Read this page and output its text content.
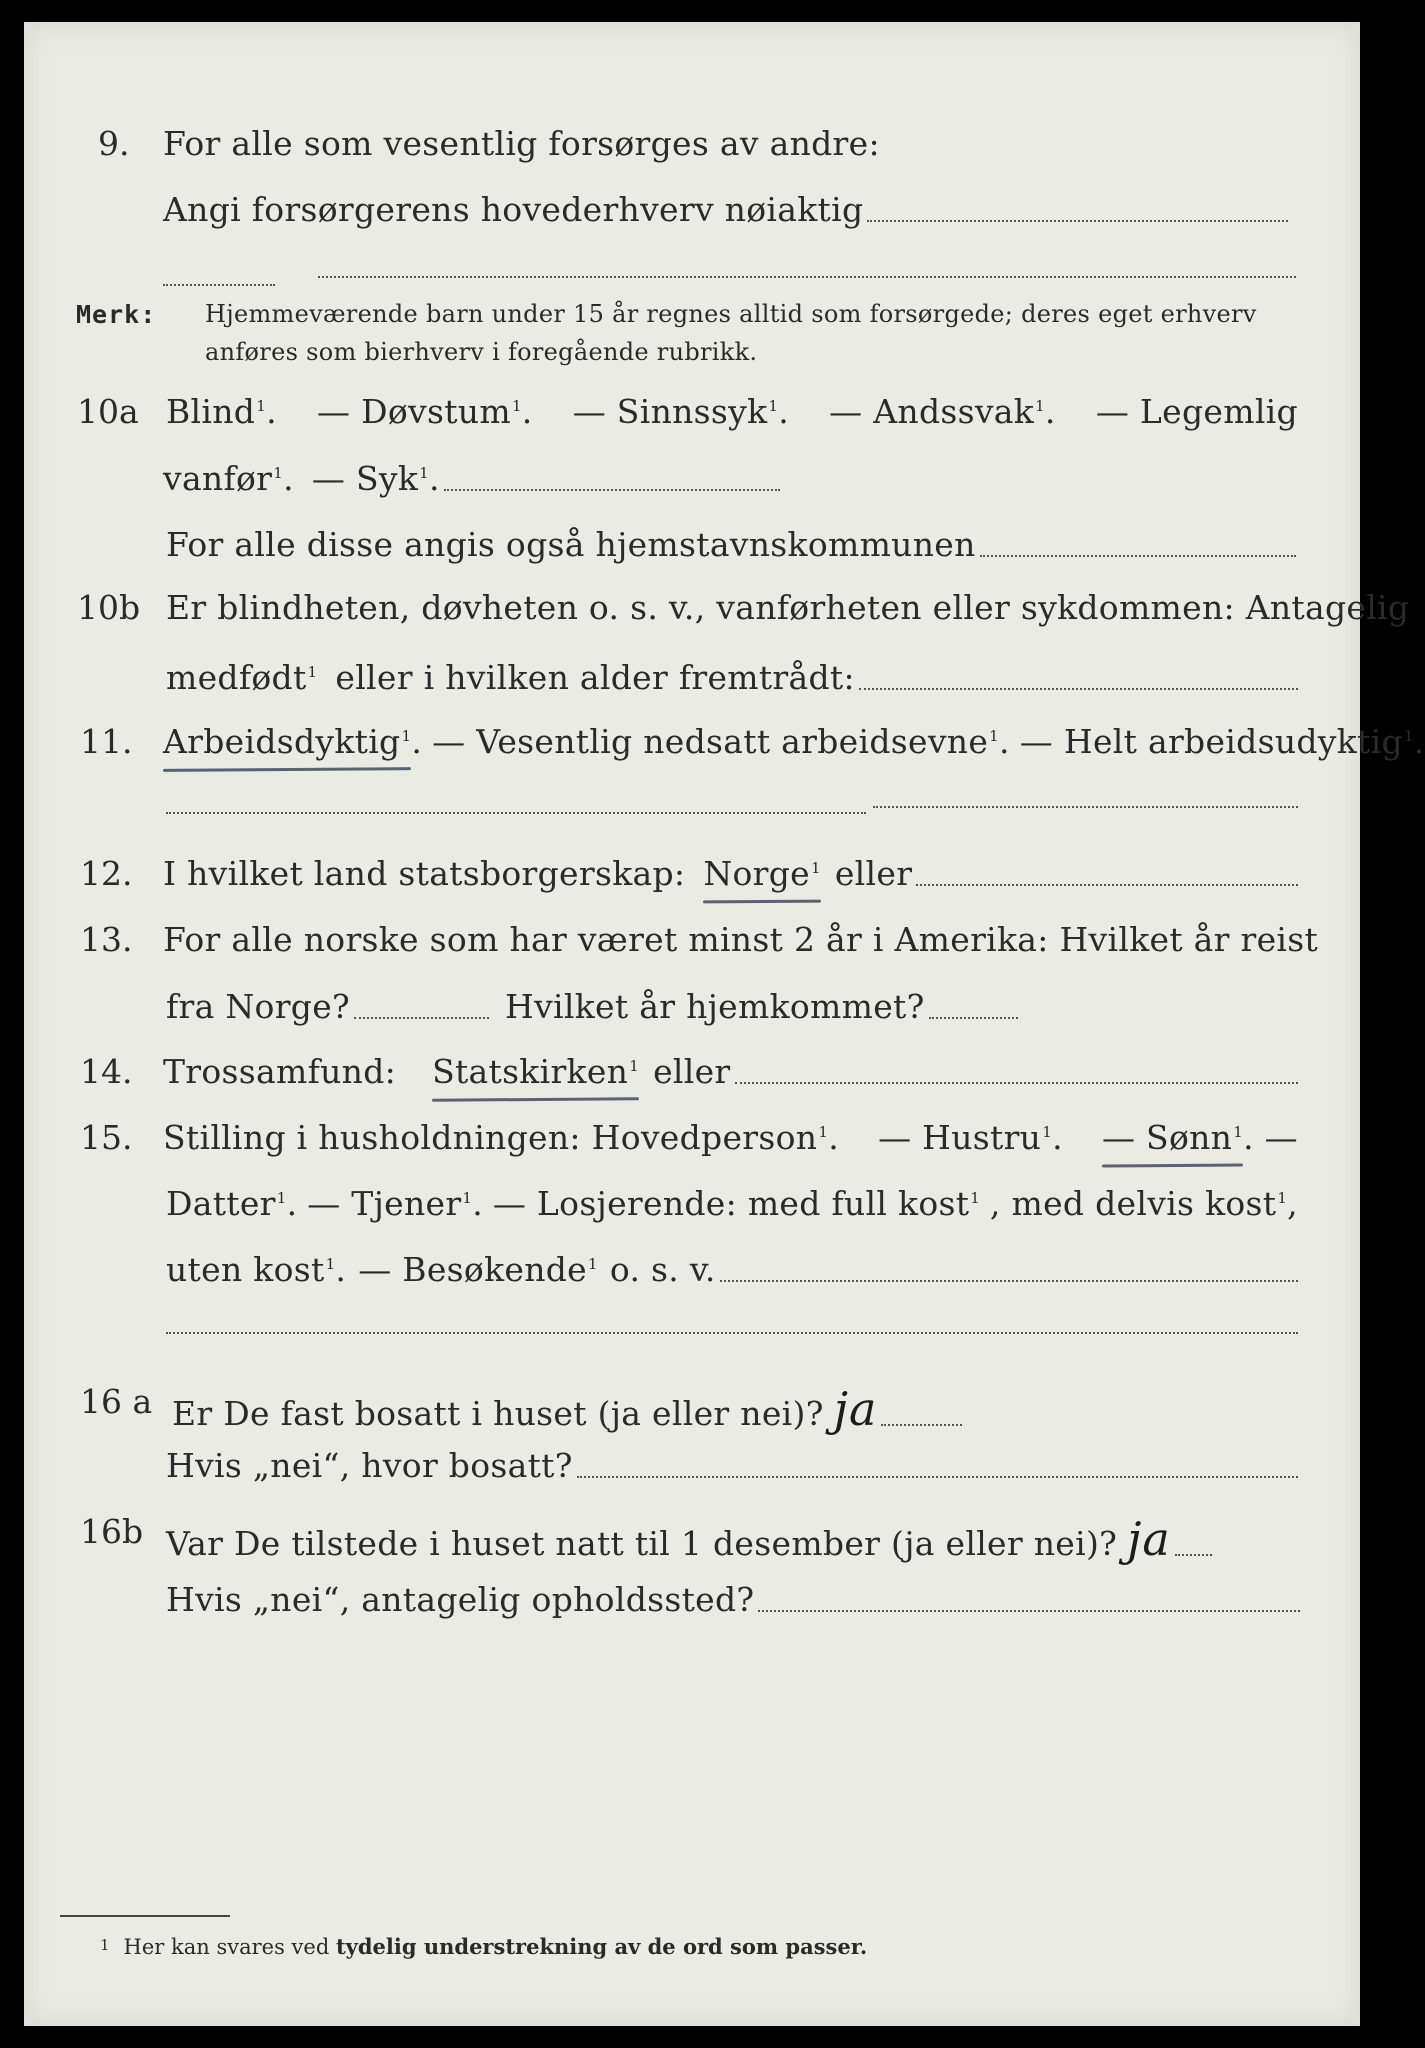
9. For alle som vesentlig forsørges av andre:
Angi forsørgerens hovederhverv nøiaktig
Merk: Hjemmeværende barn under 15 år regnes alltid som forsørgede; deres eget erhverv
anføres som bierhverv i foregående rubrikk.
10a Blind$^1$. — Døvstum$^1$. — Sinnssyk$^1$. — Andssvak$^1$. — Legemlig
vanfør$^1$. — Syk$^1$.
For alle disse angis også hjemstavnskommunen
10b Er blindheten, døvheten o. s. v., vanførheten eller sykdommen: Antagelig
medfødt$^1$ eller i hvilken alder fremtrådt:
11. Arbeidsdyktig$^1$ . — Vesentlig nedsatt arbeidsevne$^1$. — Helt arbeidsudyktig$^1$.
12. I hvilket land statsborgerskap: Norge$^1$ eller
13. For alle norske som har været minst 2 år i Amerika: Hvilket år reist
fra Norge?	Hvilket år hjemkommet?
14. Trossamfund: Statskirken$^1$ eller
15. Stilling i husholdningen: Hovedperson$^1$. — Hustru$^1$. — Sønn$^1$. —
Datter$^1$. — Tjener$^1$. — Losjerende: med full kost$^1$ , med delvis kost$^1$,
uten kost$^1$. — Besøkende$^1$ o. s. v.
16 a Er De fast bosatt i huset (ja eller nei)? ja
Hvis „nei“, hvor bosatt?
16b Var De tilstede i huset natt til 1 desember (ja eller nei)? ja
Hvis „nei“, antagelig opholdssted?
1 Her kan svares ved tydelig understrekning av de ord som passer.
